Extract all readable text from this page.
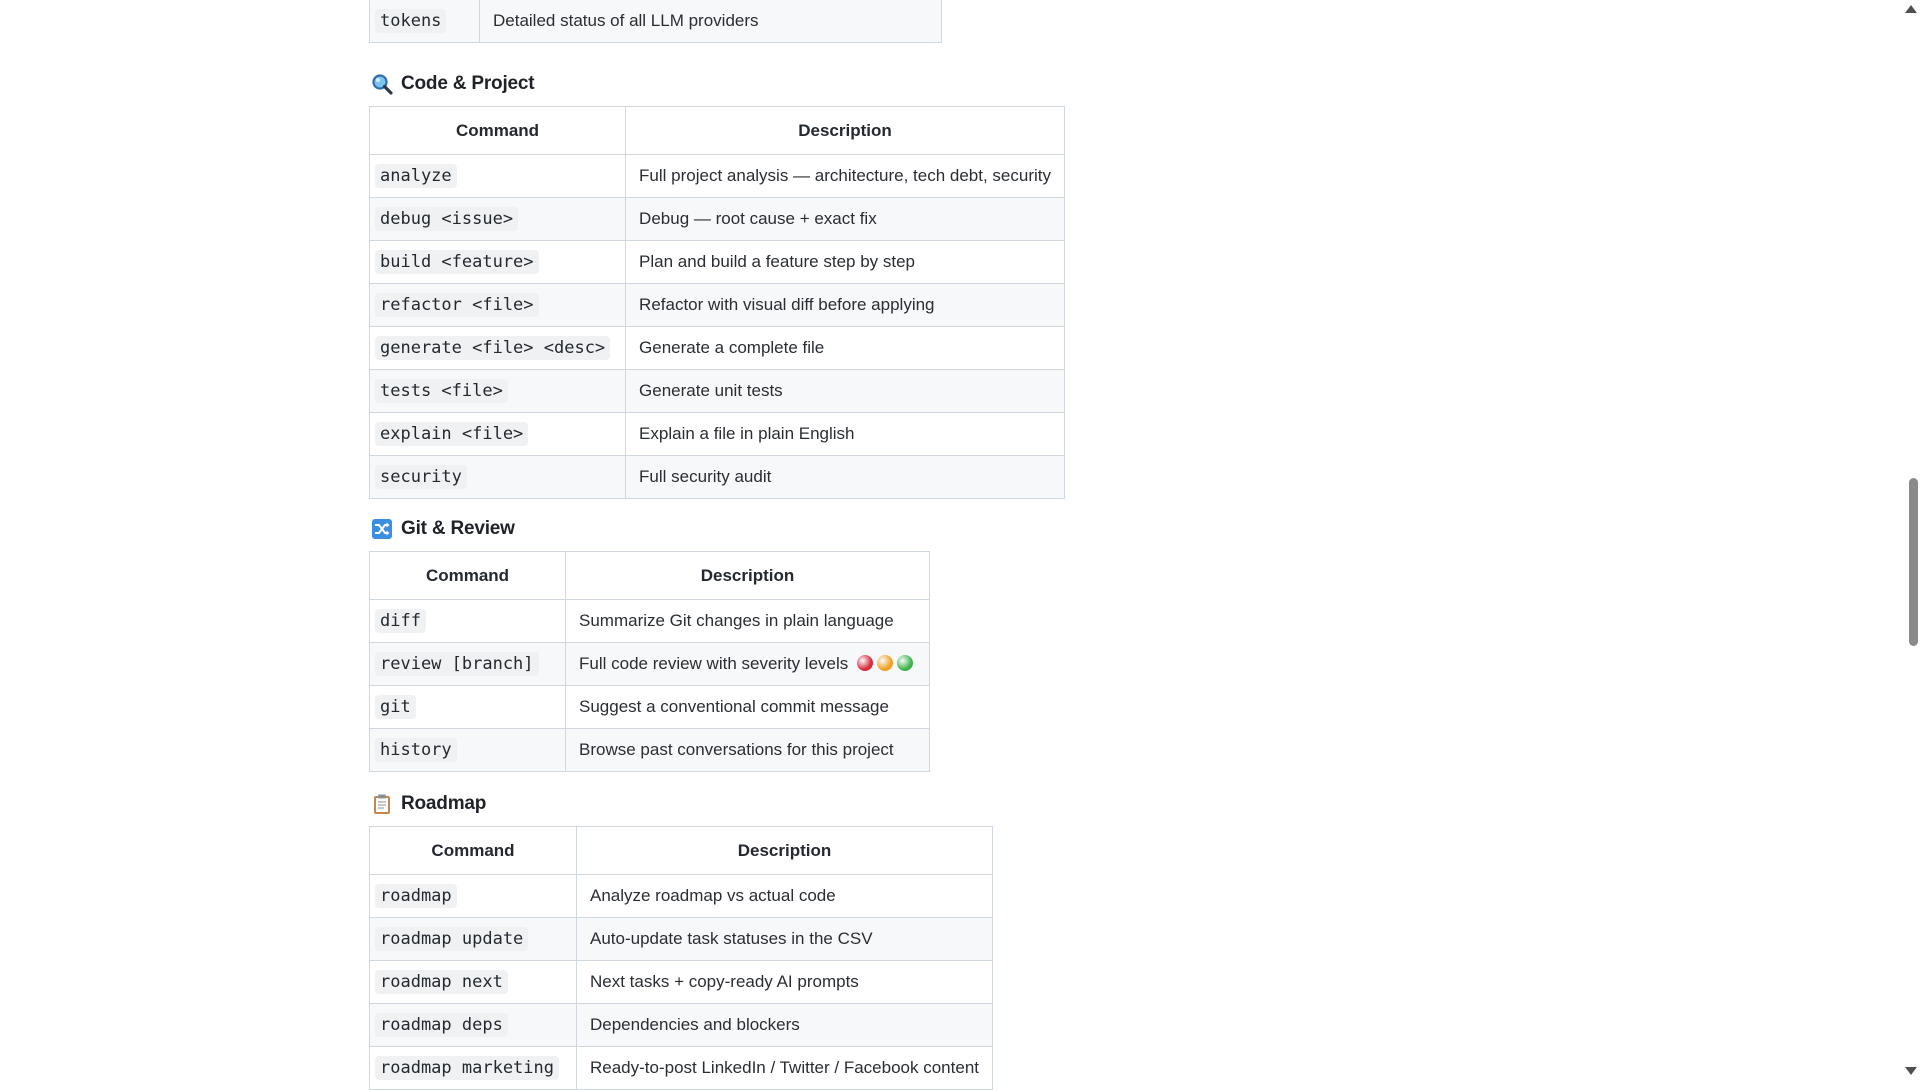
tokens	Detailed status of all LLM providers
Code & Project
Command	Description
analyze	Full project analysis — architecture, tech debt, security
debug <issue>	Debug — root cause + exact fix
build <feature>	Plan and build a feature step by step
refactor <file>	Refactor with visual diff before applying
generate <file> <desc>	Generate a complete file
tests <file>	Generate unit tests
explain <file>	Explain a file in plain English
security	Full security audit
Git & Review
Command	Description
diff	Summarize Git changes in plain language
review [branch]	Full code review with severity levels
git	Suggest a conventional commit message
history	Browse past conversations for this project
Roadmap
Command	Description
roadmap	Analyze roadmap vs actual code
roadmap update	Auto-update task statuses in the CSV
roadmap next	Next tasks + copy-ready AI prompts
roadmap deps	Dependencies and blockers
roadmap marketing	Ready-to-post LinkedIn / Twitter / Facebook content
